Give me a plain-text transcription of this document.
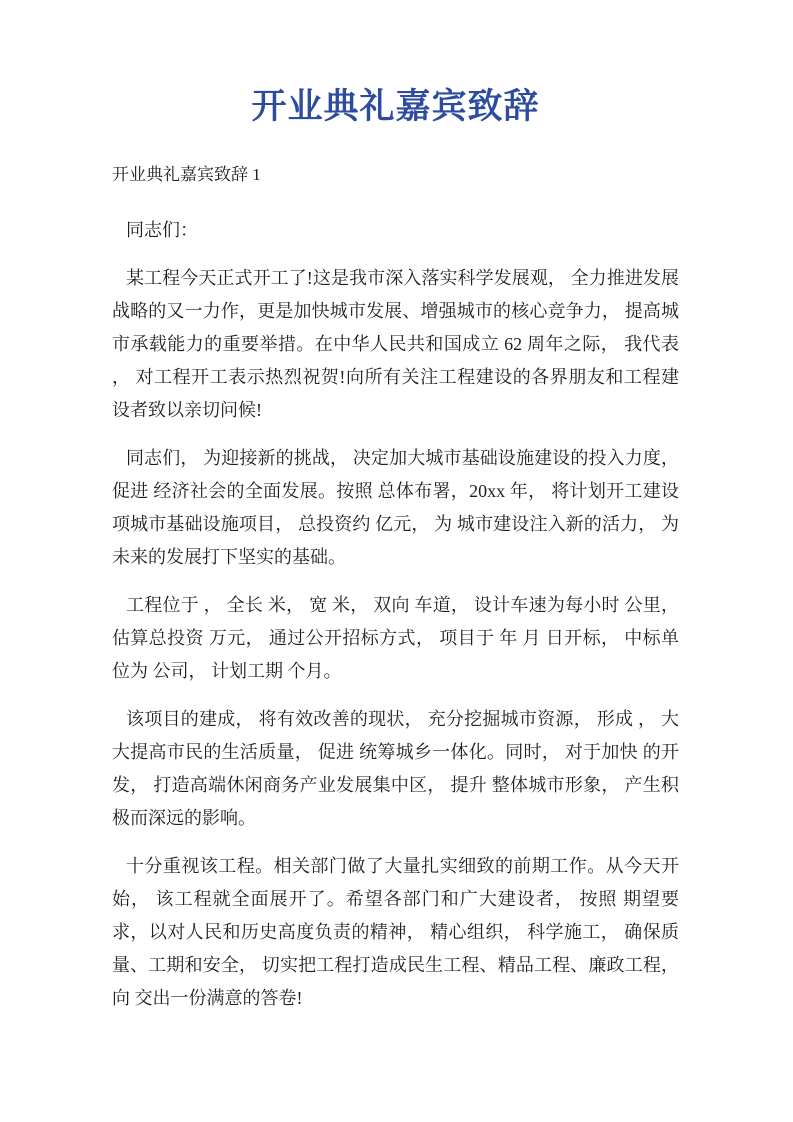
开业典礼嘉宾致辞

开业典礼嘉宾致辞 1

同志们：

某工程今天正式开工了!这是我市深入落实科学发展观， 全力推进发展战略的又一力作，更是加快城市发展、增强城市的核心竞争力， 提高城市承载能力的重要举措。在中华人民共和国成立 62 周年之际， 我代表 ， 对工程开工表示热烈祝贺!向所有关注工程建设的各界朋友和工程建设者致以亲切问候!

同志们， 为迎接新的挑战， 决定加大城市基础设施建设的投入力度，促进 经济社会的全面发展。按照 总体布署，20xx 年， 将计划开工建设项城市基础设施项目， 总投资约 亿元， 为 城市建设注入新的活力， 为未来的发展打下坚实的基础。

工程位于 ， 全长 米， 宽 米， 双向 车道， 设计车速为每小时 公里，估算总投资 万元， 通过公开招标方式， 项目于 年 月 日开标， 中标单位为 公司， 计划工期 个月。

该项目的建成， 将有效改善的现状， 充分挖掘城市资源， 形成 ， 大大提高市民的生活质量， 促进 统筹城乡一体化。同时， 对于加快 的开发， 打造高端休闲商务产业发展集中区， 提升 整体城市形象， 产生积极而深远的影响。

十分重视该工程。相关部门做了大量扎实细致的前期工作。从今天开始， 该工程就全面展开了。希望各部门和广大建设者， 按照 期望要求，以对人民和历史高度负责的精神， 精心组织， 科学施工， 确保质量、工期和安全， 切实把工程打造成民生工程、精品工程、廉政工程， 向 交出一份满意的答卷!
